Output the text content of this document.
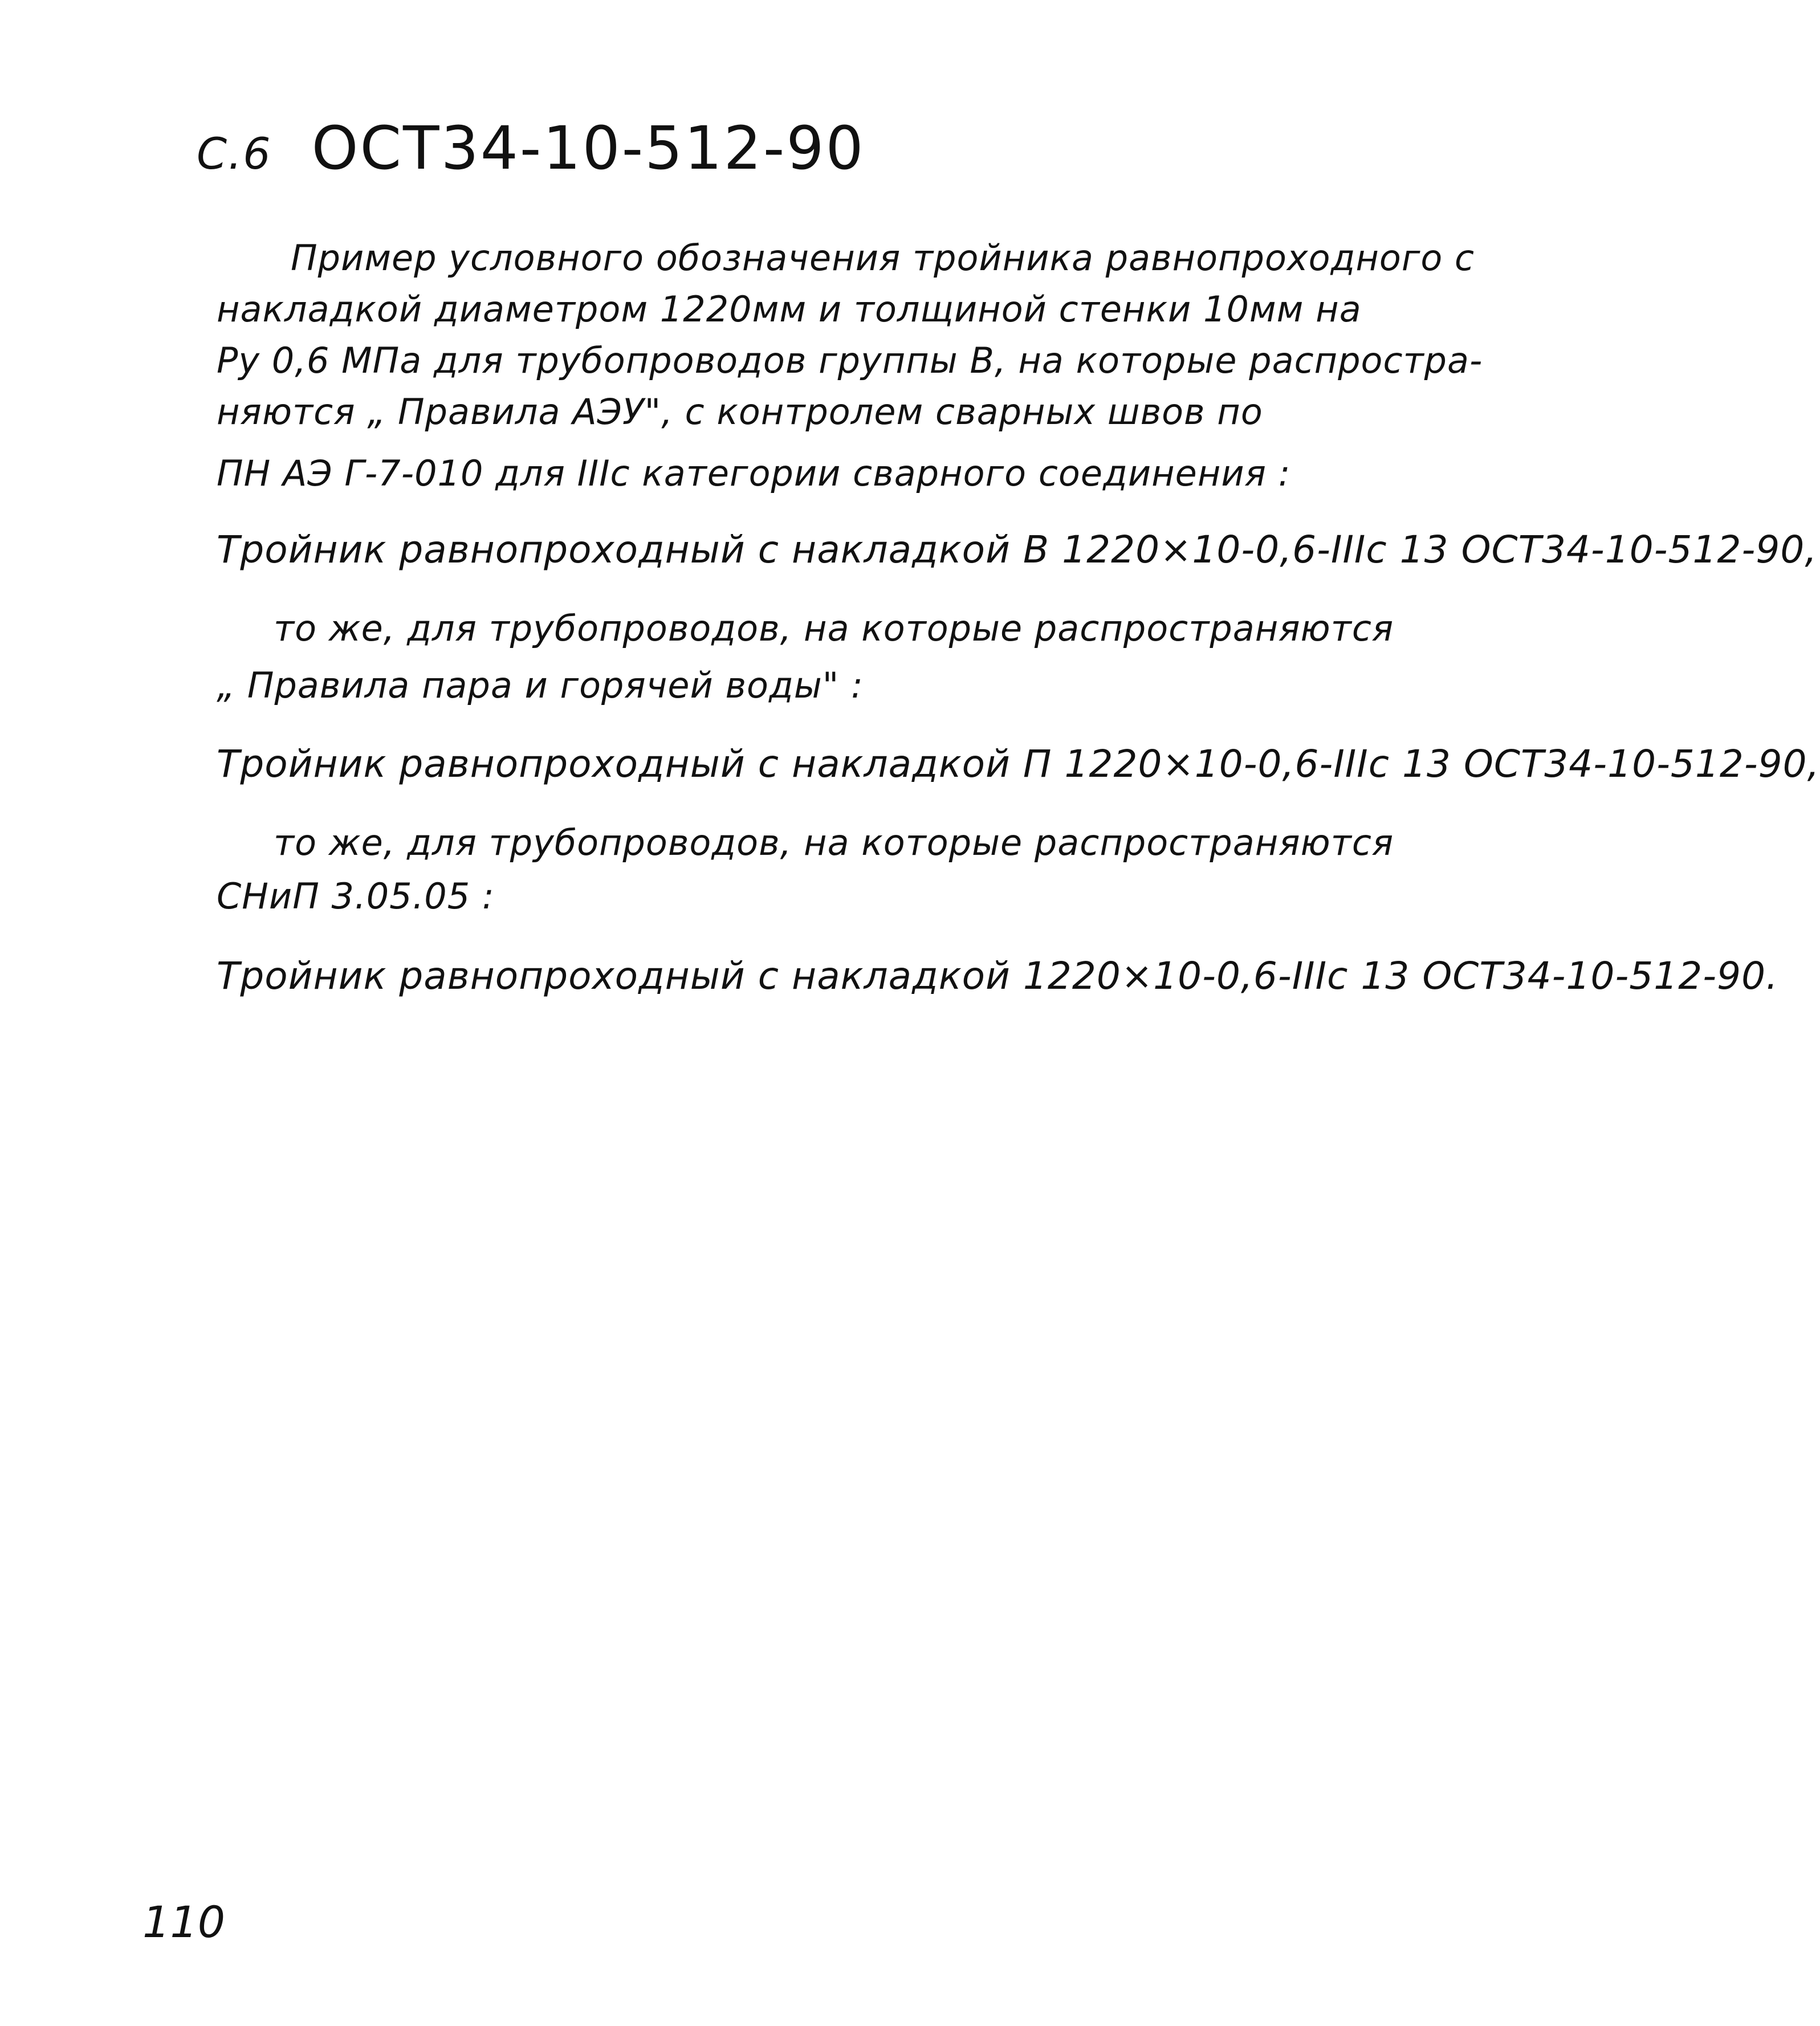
С.6 ОСТ34-10-512-90
Пример условного обозначения тройника равнопроходного с
накладкой диаметром 1220мм и толщиной стенки 10мм на
Ру 0,6 МПа для трубопроводов группы В, на которые распростра-
няются „ Правила АЭУ", с контролем сварных швов по
ПН АЭ Г-7-010 для IIIс категории сварного соединения :
Тройник равнопроходный с накладкой В 1220×10-0,6-IIIс 13 ОСТ34-10-512-90,
то же, для трубопроводов, на которые распространяются
„ Правила пара и горячей воды" :
Тройник равнопроходный с накладкой П 1220×10-0,6-IIIс 13 ОСТ34-10-512-90,
то же, для трубопроводов, на которые распространяются
СНиП 3.05.05 :
Тройник равнопроходный с накладкой 1220×10-0,6-IIIс 13 ОСТ34-10-512-90.
110
